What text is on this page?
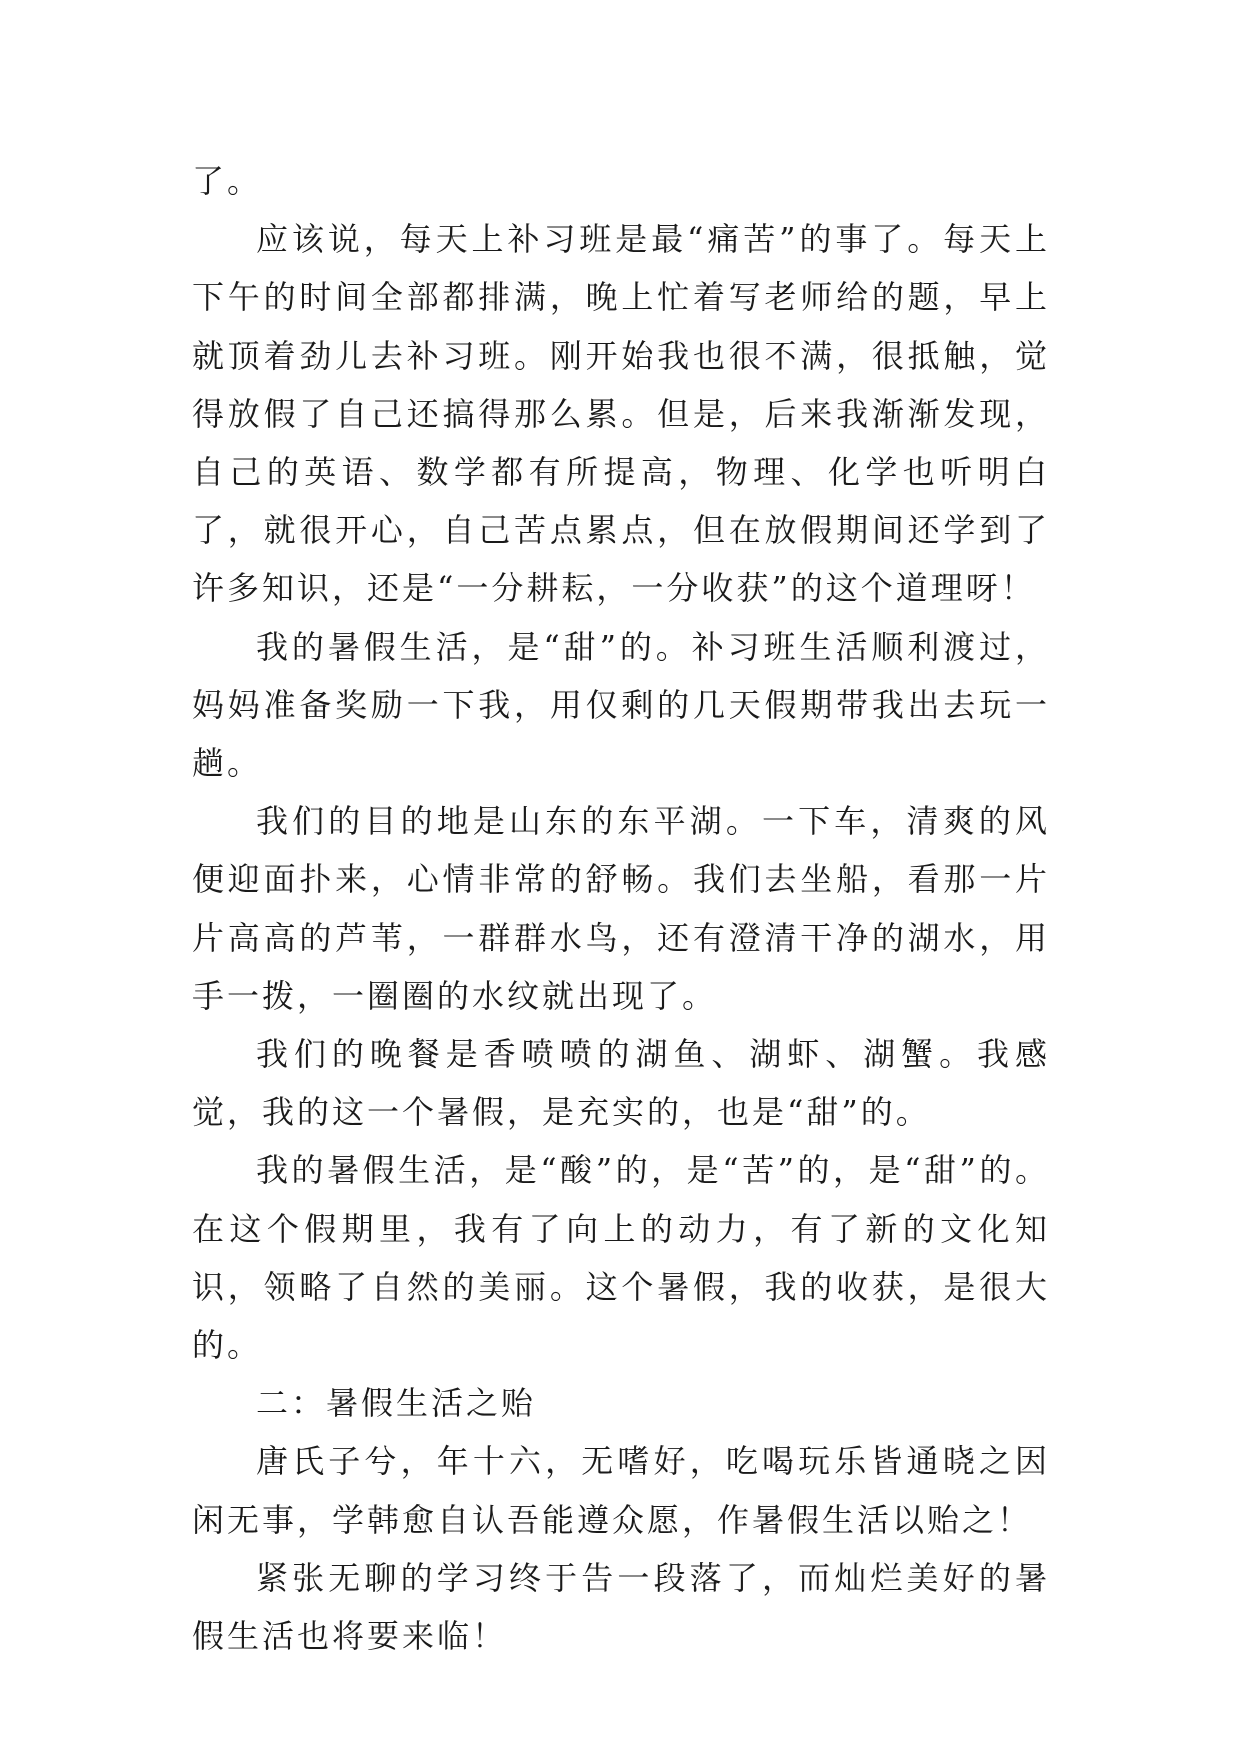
了。

应该说，每天上补习班是最“痛苦”的事了。每天上下午的时间全部都排满，晚上忙着写老师给的题，早上就顶着劲儿去补习班。刚开始我也很不满，很抵触，觉得放假了自己还搞得那么累。但是，后来我渐渐发现，自己的英语、数学都有所提高，物理、化学也听明白了，就很开心，自己苦点累点，但在放假期间还学到了许多知识，还是“一分耕耘，一分收获”的这个道理呀！

我的暑假生活，是“甜”的。补习班生活顺利渡过，妈妈准备奖励一下我，用仅剩的几天假期带我出去玩一趟。

我们的目的地是山东的东平湖。一下车，清爽的风便迎面扑来，心情非常的舒畅。我们去坐船，看那一片片高高的芦苇，一群群水鸟，还有澄清干净的湖水，用手一拨，一圈圈的水纹就出现了。

我们的晚餐是香喷喷的湖鱼、湖虾、湖蟹。我感觉，我的这一个暑假，是充实的，也是“甜”的。

我的暑假生活，是“酸”的，是“苦”的，是“甜”的。在这个假期里，我有了向上的动力，有了新的文化知识，领略了自然的美丽。这个暑假，我的收获，是很大的。

二：暑假生活之贻

唐氏子兮，年十六，无嗜好，吃喝玩乐皆通晓之因闲无事，学韩愈自认吾能遵众愿，作暑假生活以贻之！

紧张无聊的学习终于告一段落了，而灿烂美好的暑假生活也将要来临！
